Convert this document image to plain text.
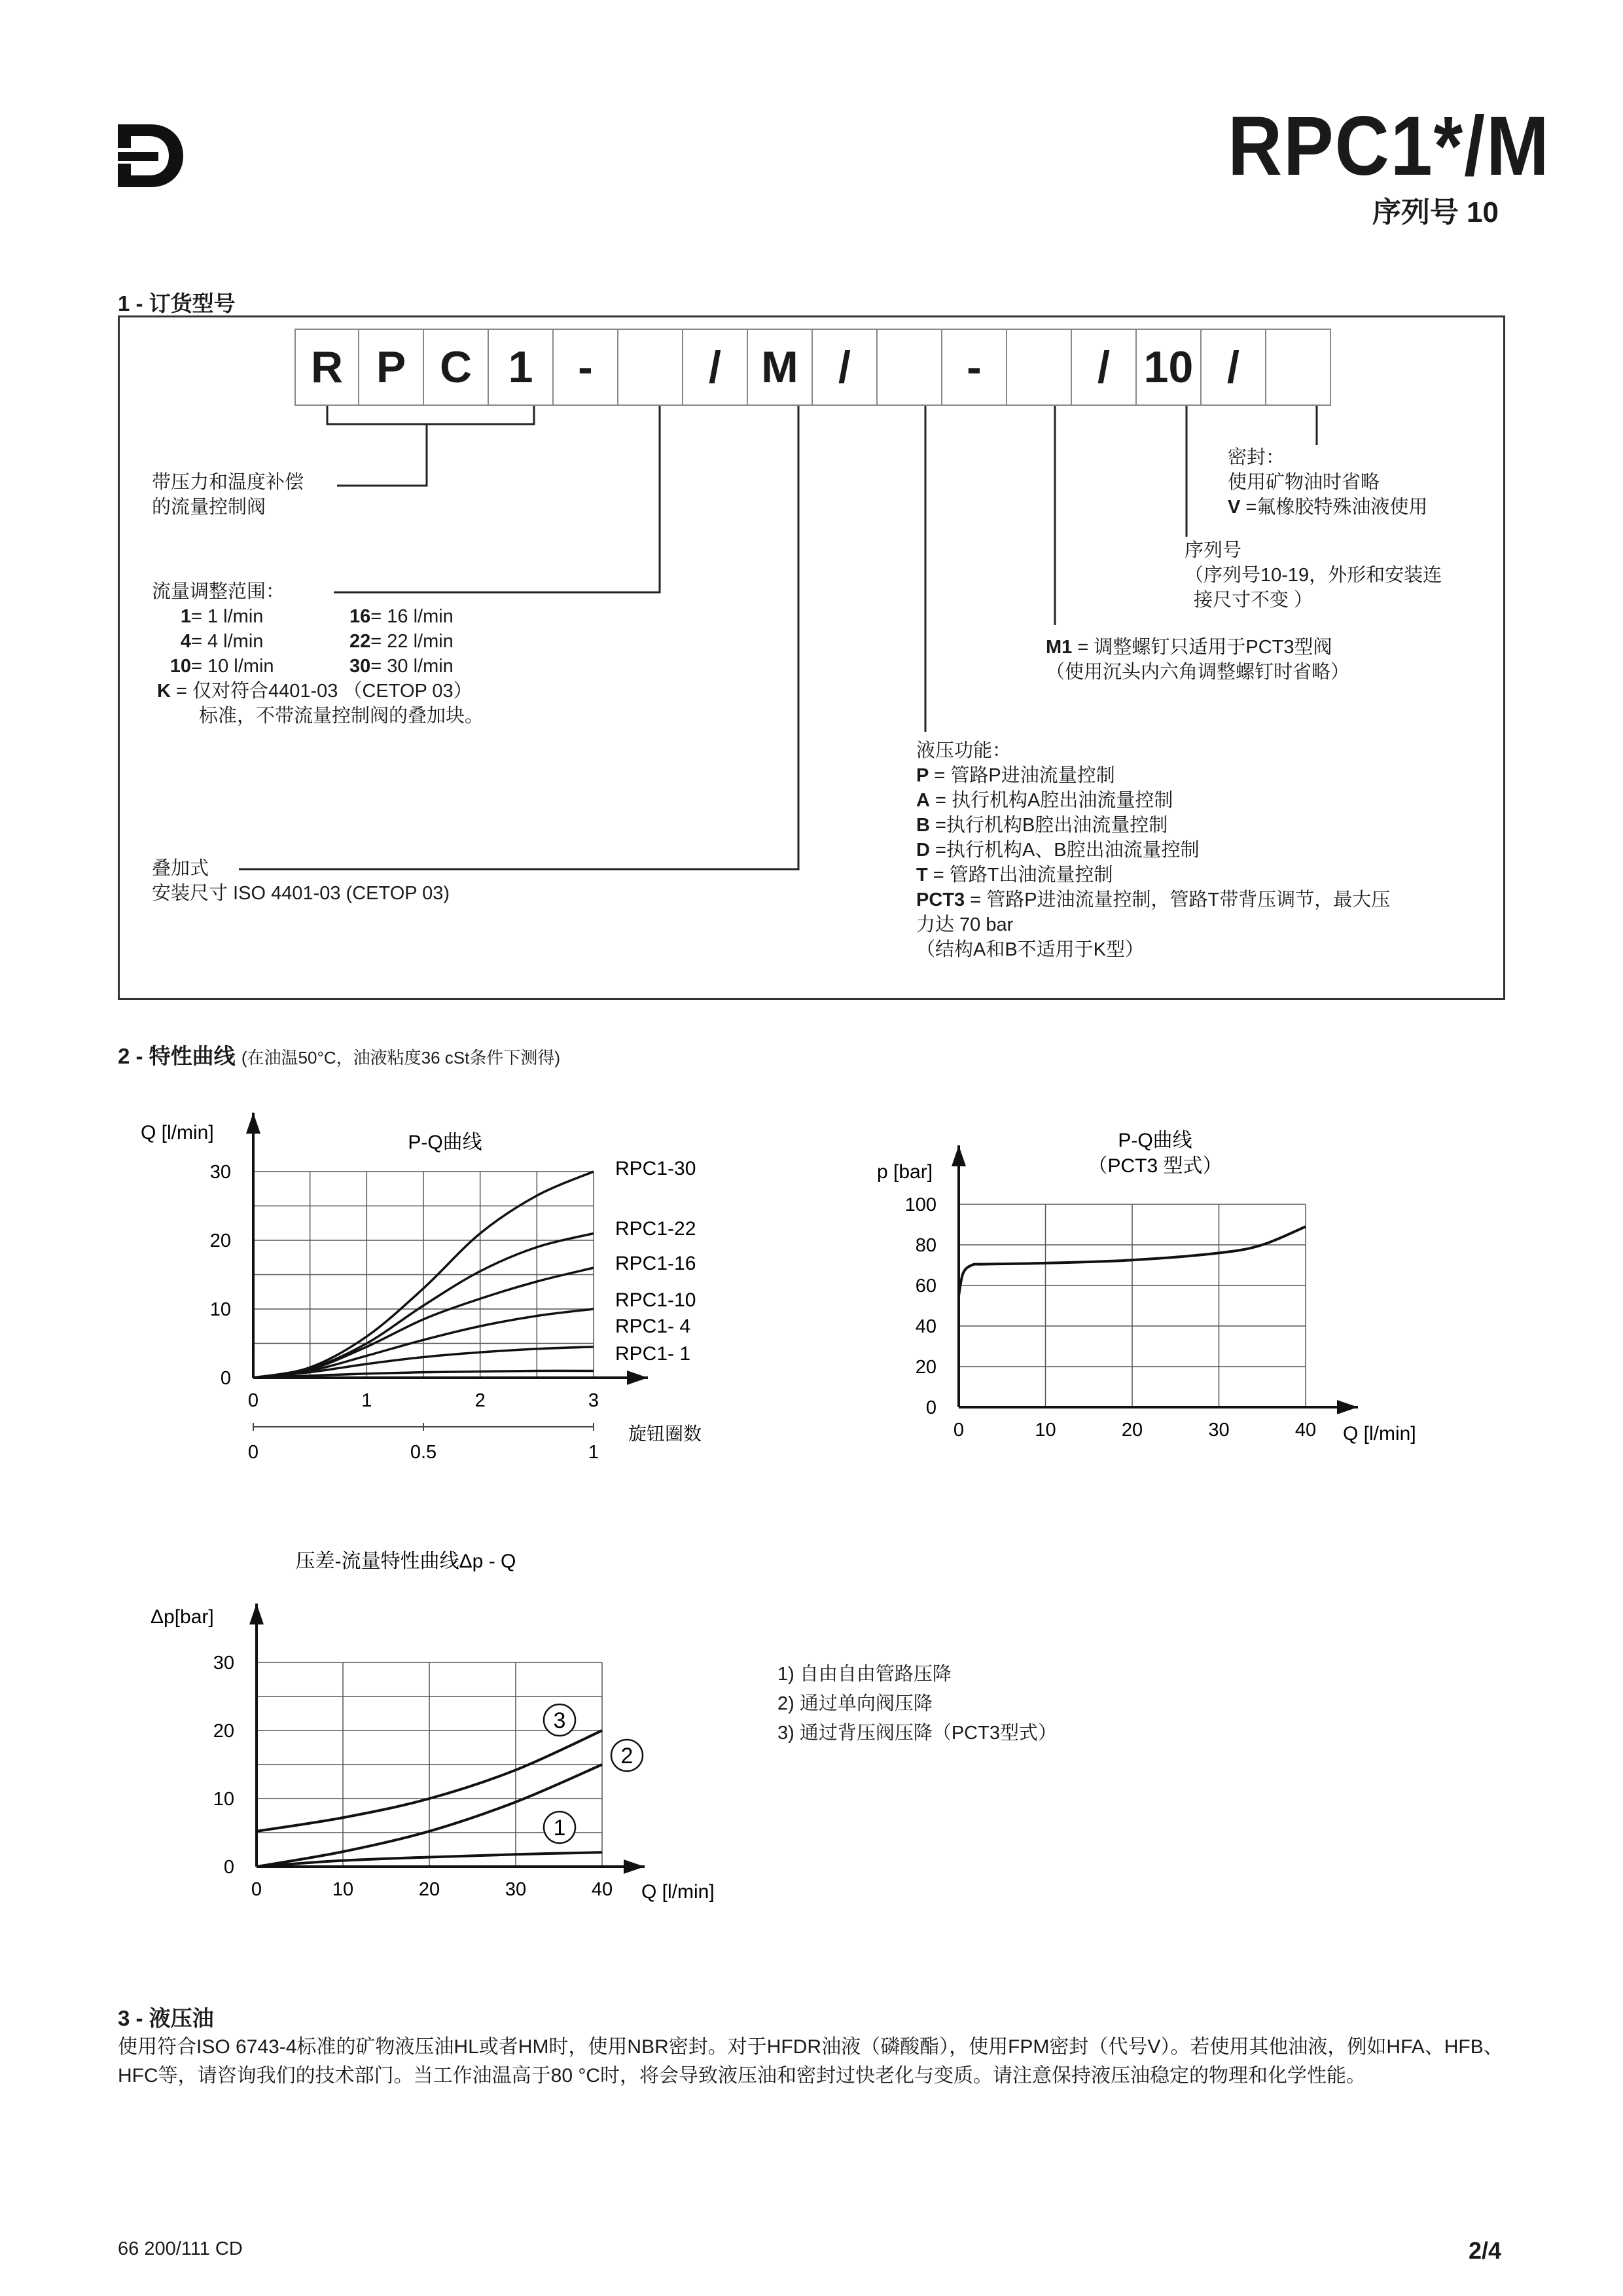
RPC1*/M
序列号 10
1 - 订货型号
R P C 1	-	/ M /	-	/ 10 /
带压力和温度补偿
的流量控制阀
流量调整范围：
1 = 1 l/min	16 = 16 l/min
4 = 4 l/min	22 = 22 l/min
10 = 10 l/min	30 = 30 l/min
K = 仅对符合4401-03 （CETOP 03）
标准，不带流量控制阀的叠加块。
叠加式
安装尺寸 ISO 4401-03 (CETOP 03)
密封：
使用矿物油时省略
V =氟橡胶特殊油液使用
序列号
（序列号10-19，外形和安装连
接尺寸不变 ）
M1 = 调整螺钉只适用于PCT3型阀
（使用沉头内六角调整螺钉时省略）
液压功能：
P = 管路P进油流量控制
A = 执行机构A腔出油流量控制
B =执行机构B腔出油流量控制
D =执行机构A、B腔出油流量控制
T = 管路T出油流量控制
PCT3 = 管路P进油流量控制，管路T带背压调节，最大压
力达 70 bar
（结构A和B不适用于K型）
2 - 特性曲线 (在油温50°C，油液粘度36 cSt条件下测得)
0	1	2	3
0
10
20
30
Q [l/min]	P-Q曲线
0	0.5	1
旋钮圈数
RPC1-30
RPC1-22
RPC1-16
RPC1-10
RPC1- 4
RPC1- 1
0	10	20	30	40
0
20
40
60
80
100
p [bar]
P-Q曲线
（PCT3 型式）
Q [l/min]
0	10	20	30	40
0
10
20
30
Δp[bar]
压差-流量特性曲线Δp - Q
Q [l/min]
1
2
3
1) 自由自由管路压降
2) 通过单向阀压降
3) 通过背压阀压降（PCT3型式）
3 - 液压油
使用符合ISO 6743-4标准的矿物液压油HL或者HM时，使用NBR密封。对于HFDR油液（磷酸酯），使用FPM密封（代号V）。若使用其他油液，例如HFA、HFB、HFC等，请咨询我们的技术部门。当工作油温高于80 °C时，将会导致液压油和密封过快老化与变质。请注意保持液压油稳定的物理和化学性能。
66 200/111 CD	2/4
